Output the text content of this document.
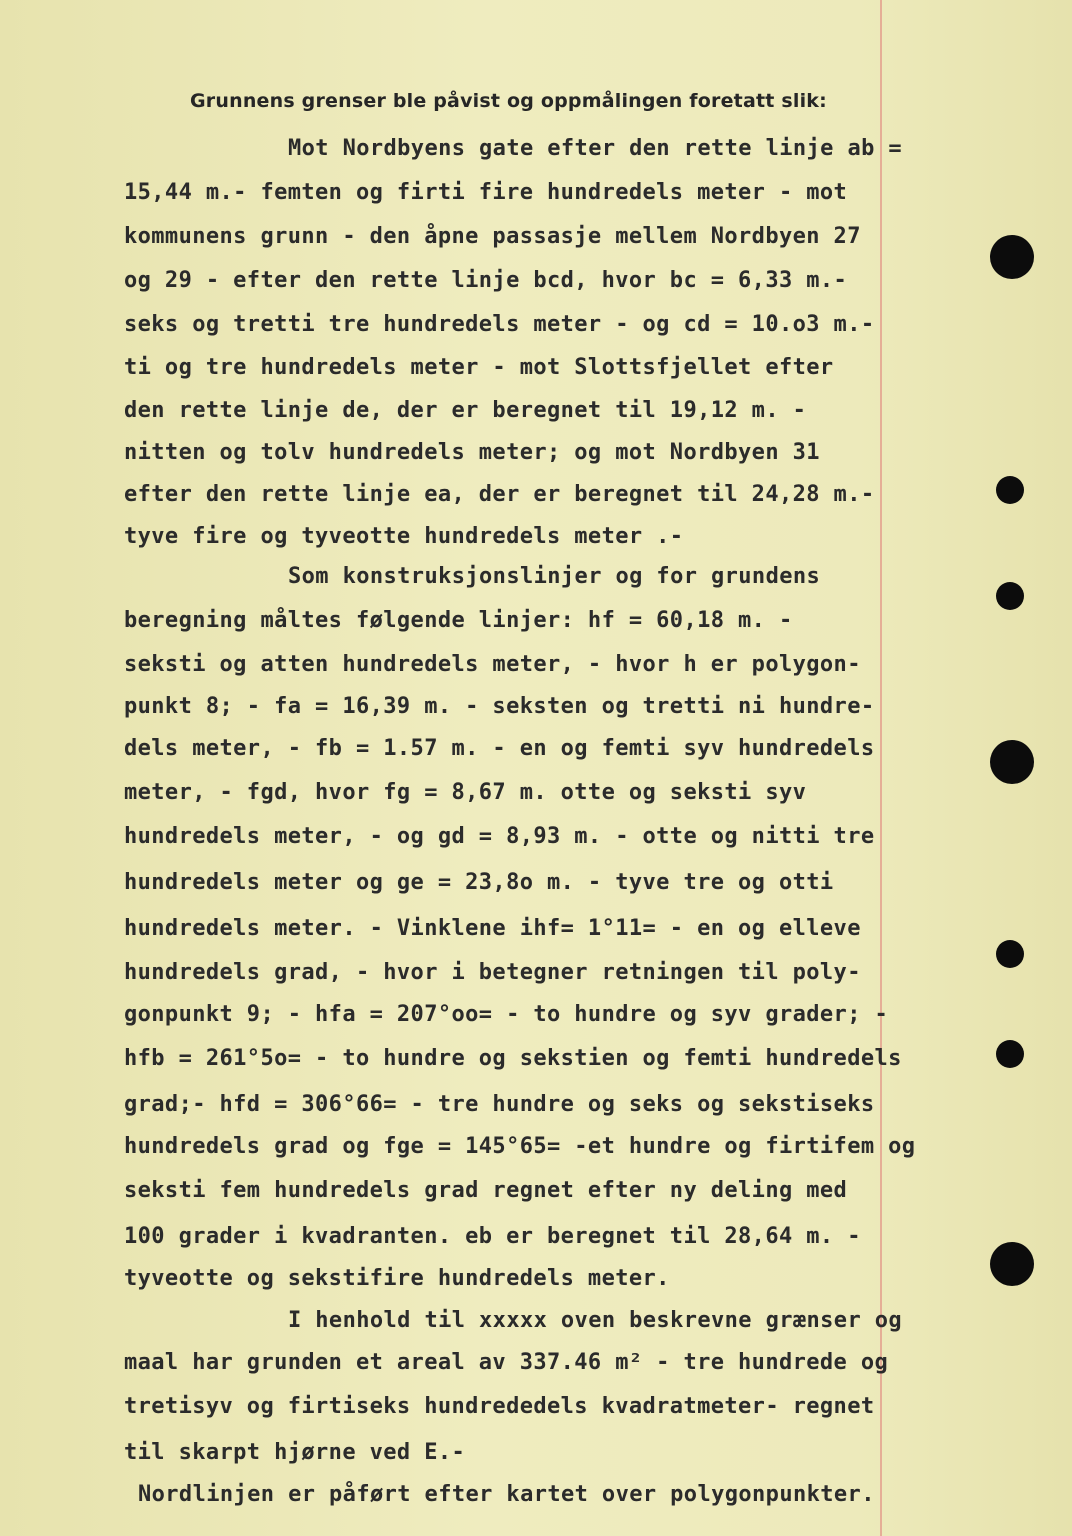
Grunnens grenser ble påvist og oppmålingen foretatt slik:
Mot Nordbyens gate efter den rette linje ab =
15,44 m.- femten og firti fire hundredels meter - mot
kommunens grunn - den åpne passasje mellem Nordbyen 27
og 29 - efter den rette linje bcd, hvor bc = 6,33 m.-
seks og tretti tre hundredels meter - og cd = 10.o3 m.-
ti og tre hundredels meter - mot Slottsfjellet efter
den rette linje de, der er beregnet til 19,12 m. -
nitten og tolv hundredels meter; og mot Nordbyen 31
efter den rette linje ea, der er beregnet til 24,28 m.-
tyve fire og tyveotte hundredels meter .-
Som konstruksjonslinjer og for grundens
beregning måltes følgende linjer: hf = 60,18 m. -
seksti og atten hundredels meter, - hvor h er polygon-
punkt 8; - fa = 16,39 m. - seksten og tretti ni hundre-
dels meter, - fb = 1.57 m. - en og femti syv hundredels
meter, - fgd, hvor fg = 8,67 m. otte og seksti syv
hundredels meter, - og gd = 8,93 m. - otte og nitti tre
hundredels meter og ge = 23,8o m. - tyve tre og otti
hundredels meter. - Vinklene ihf= 1°11= - en og elleve
hundredels grad, - hvor i betegner retningen til poly-
gonpunkt 9; - hfa = 207°oo= - to hundre og syv grader; -
hfb = 261°5o= - to hundre og sekstien og femti hundredels
grad;- hfd = 306°66= - tre hundre og seks og sekstiseks
hundredels grad og fge = 145°65= -et hundre og firtifem og
seksti fem hundredels grad regnet efter ny deling med
100 grader i kvadranten. eb er beregnet til 28,64 m. -
tyveotte og sekstifire hundredels meter.
I henhold til xxxxx oven beskrevne grænser og
maal har grunden et areal av 337.46 m² - tre hundrede og
tretisyv og firtiseks hundrededels kvadratmeter- regnet
til skarpt hjørne ved E.-
Nordlinjen er påført efter kartet over polygonpunkter.
